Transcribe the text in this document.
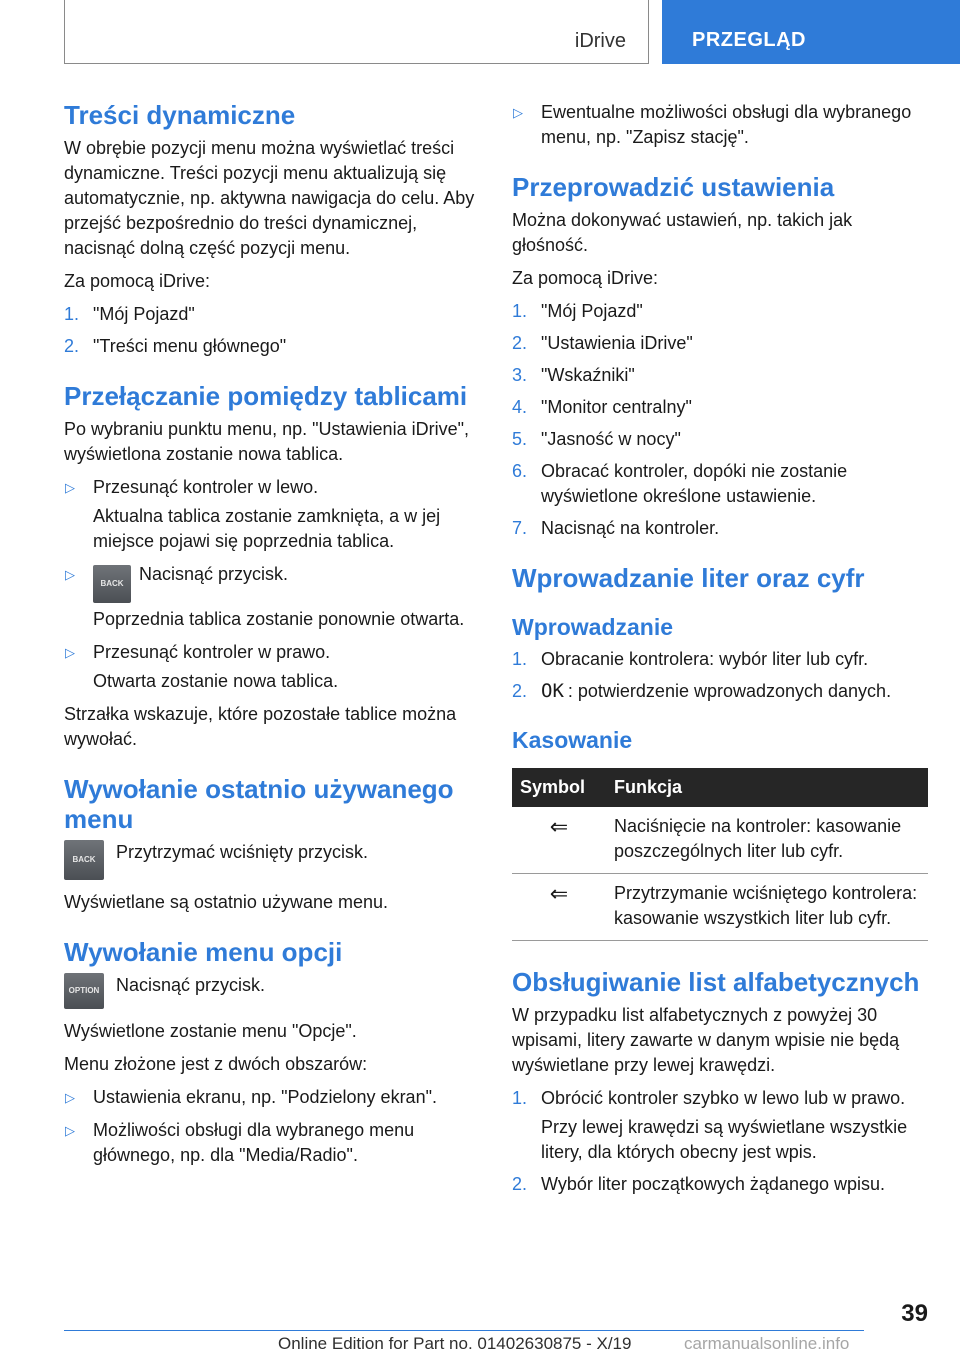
iDrive	PRZEGLĄD
Treści dynamiczne

W obrębie pozycji menu można wyświetlać treści dynamiczne. Treści pozycji menu aktualizują się automatycznie, np. aktywna nawigacja do celu. Aby przejść bezpośrednio do treści dynamicznej, nacisnąć dolną część pozycji menu.

Za pomocą iDrive:

1. "Mój Pojazd"
2. "Treści menu głównego"
Przełączanie pomiędzy tablicami

Po wybraniu punktu menu, np. "Ustawienia iDrive", wyświetlona zostanie nowa tablica.

▷ Przesunąć kontroler w lewo.
Aktualna tablica zostanie zamknięta, a w jej miejsce pojawi się poprzednia tablica.
▷
BACK Nacisnąć przycisk.
Poprzednia tablica zostanie ponownie otwarta.
▷ Przesunąć kontroler w prawo.
Otwarta zostanie nowa tablica.

Strzałka wskazuje, które pozostałe tablice można wywołać.

Wywołanie ostatnio używanego menu
BACK	Przytrzymać wciśnięty przycisk.

Wyświetlane są ostatnio używane menu.

Wywołanie menu opcji
OPTION Nacisnąć przycisk.

Wyświetlone zostanie menu "Opcje".

Menu złożone jest z dwóch obszarów:

▷ Ustawienia ekranu, np. "Podzielony ekran".
▷ Możliwości obsługi dla wybranego menu głównego, np. dla "Media/Radio".
▷ Ewentualne możliwości obsługi dla wybranego menu, np. "Zapisz stację".
Przeprowadzić ustawienia

Można dokonywać ustawień, np. takich jak głośność.

Za pomocą iDrive:

1. "Mój Pojazd"
2. "Ustawienia iDrive"
3. "Wskaźniki"
4. "Monitor centralny"
5. "Jasność w nocy"
6. Obracać kontroler, dopóki nie zostanie wyświetlone określone ustawienie.
7. Nacisnąć na kontroler.
Wprowadzanie liter oraz cyfr
Wprowadzanie
1. Obracanie kontrolera: wybór liter lub cyfr.
2. OK : potwierdzenie wprowadzonych danych.
Kasowanie
Symbol	Funkcja
⇐	Naciśnięcie na kontroler: kasowanie poszczególnych liter lub cyfr.
⇐	Przytrzymanie wciśniętego kontrolera: kasowanie wszystkich liter lub cyfr.
Obsługiwanie list alfabetycznych

W przypadku list alfabetycznych z powyżej 30 wpisami, litery zawarte w danym wpisie nie będą wyświetlane przy lewej krawędzi.

1. Obrócić kontroler szybko w lewo lub w prawo.
Przy lewej krawędzi są wyświetlane wszystkie litery, dla których obecny jest wpis.
2. Wybór liter początkowych żądanego wpisu.
39
Online Edition for Part no. 01402630875 - X/19	carmanualsonline.info
